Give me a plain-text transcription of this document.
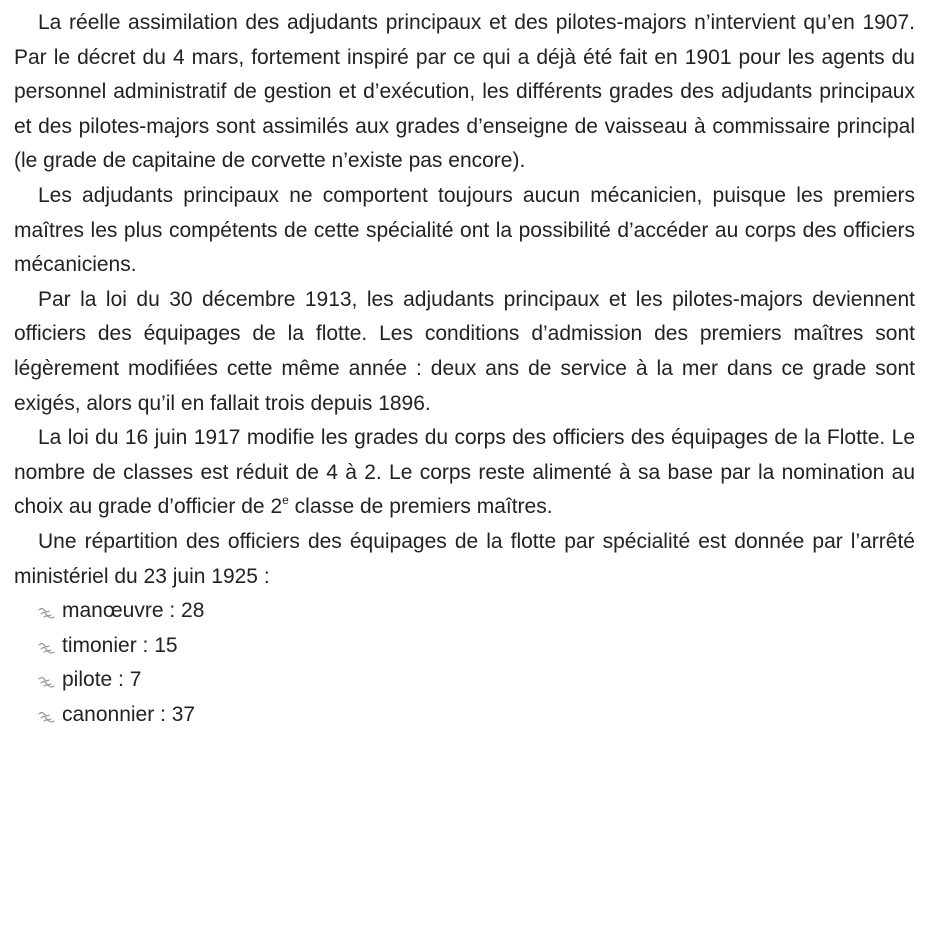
La réelle assimilation des adjudants principaux et des pilotes-majors n’intervient qu’en 1907. Par le décret du 4 mars, fortement inspiré par ce qui a déjà été fait en 1901 pour les agents du personnel administratif de gestion et d’exécution, les différents grades des adjudants principaux et des pilotes-majors sont assimilés aux grades d’enseigne de vaisseau à commissaire principal (le grade de capitaine de corvette n’existe pas encore).

Les adjudants principaux ne comportent toujours aucun mécanicien, puisque les premiers maîtres les plus compétents de cette spécialité ont la possibilité d’accéder au corps des officiers mécaniciens.

Par la loi du 30 décembre 1913, les adjudants principaux et les pilotes-majors deviennent officiers des équipages de la flotte. Les conditions d’admission des premiers maîtres sont légèrement modifiées cette même année : deux ans de service à la mer dans ce grade sont exigés, alors qu’il en fallait trois depuis 1896.

La loi du 16 juin 1917 modifie les grades du corps des officiers des équipages de la Flotte. Le nombre de classes est réduit de 4 à 2. Le corps reste alimenté à sa base par la nomination au choix au grade d’officier de 2e classe de premiers maîtres.

Une répartition des officiers des équipages de la flotte par spécialité est donnée par l’arrêté ministériel du 23 juin 1925 :

manœuvre : 28
timonier : 15
pilote : 7
canonnier : 37
